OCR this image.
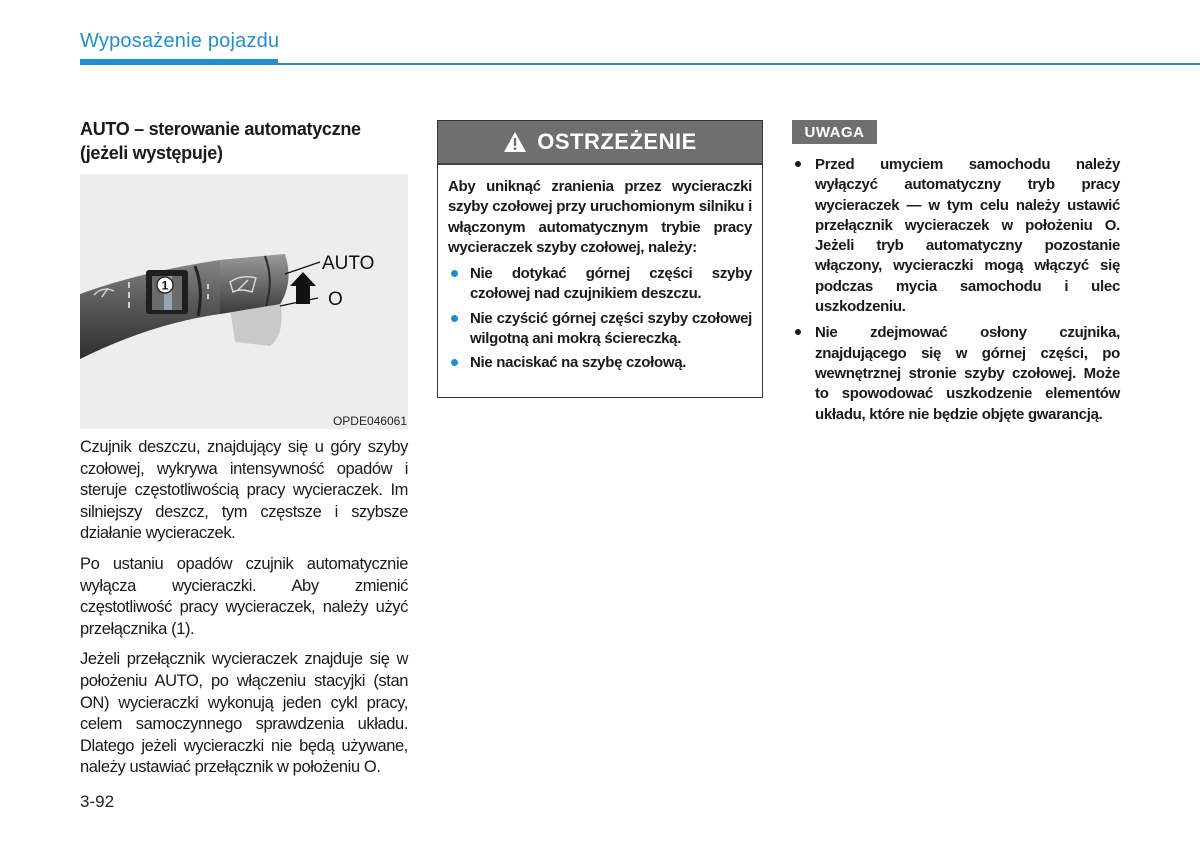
Wyposażenie pojazdu
AUTO – sterowanie automatyczne (jeżeli występuje)
1
AUTO
O
OPDE046061

Czujnik deszczu, znajdujący się u góry szyby czołowej, wykrywa intensywność opadów i steruje częstotliwością pracy wycieraczek. Im silniejszy deszcz, tym częstsze i szybsze działanie wycieraczek.

Po ustaniu opadów czujnik automatycznie wyłącza wycieraczki. Aby zmienić częstotliwość pracy wycieraczek, należy użyć przełącznika (1).

Jeżeli przełącznik wycieraczek znajduje się w położeniu AUTO, po włączeniu stacyjki (stan ON) wycieraczki wykonują jeden cykl pracy, celem samoczynnego sprawdzenia układu. Dlatego jeżeli wycieraczki nie będą używane, należy ustawiać przełącznik w położeniu O.

3-92
OSTRZEŻENIE

Aby uniknąć zranienia przez wycieraczki szyby czołowej przy uruchomionym silniku i włączonym automatycznym trybie pracy wycieraczek szyby czołowej, należy:

Nie dotykać górnej części szyby czołowej nad czujnikiem deszczu.
Nie czyścić górnej części szyby czołowej wilgotną ani mokrą ściereczką.
Nie naciskać na szybę czołową.
UWAGA
Przed umyciem samochodu należy wyłączyć automatyczny tryb pracy wycieraczek — w tym celu należy ustawić przełącznik wycieraczek w położeniu O. Jeżeli tryb automatyczny pozostanie włączony, wycieraczki mogą włączyć się podczas mycia samochodu i ulec uszkodzeniu.
Nie zdejmować osłony czujnika, znajdującego się w górnej części, po wewnętrznej stronie szyby czołowej. Może to spowodować uszkodzenie elementów układu, które nie będzie objęte gwarancją.
